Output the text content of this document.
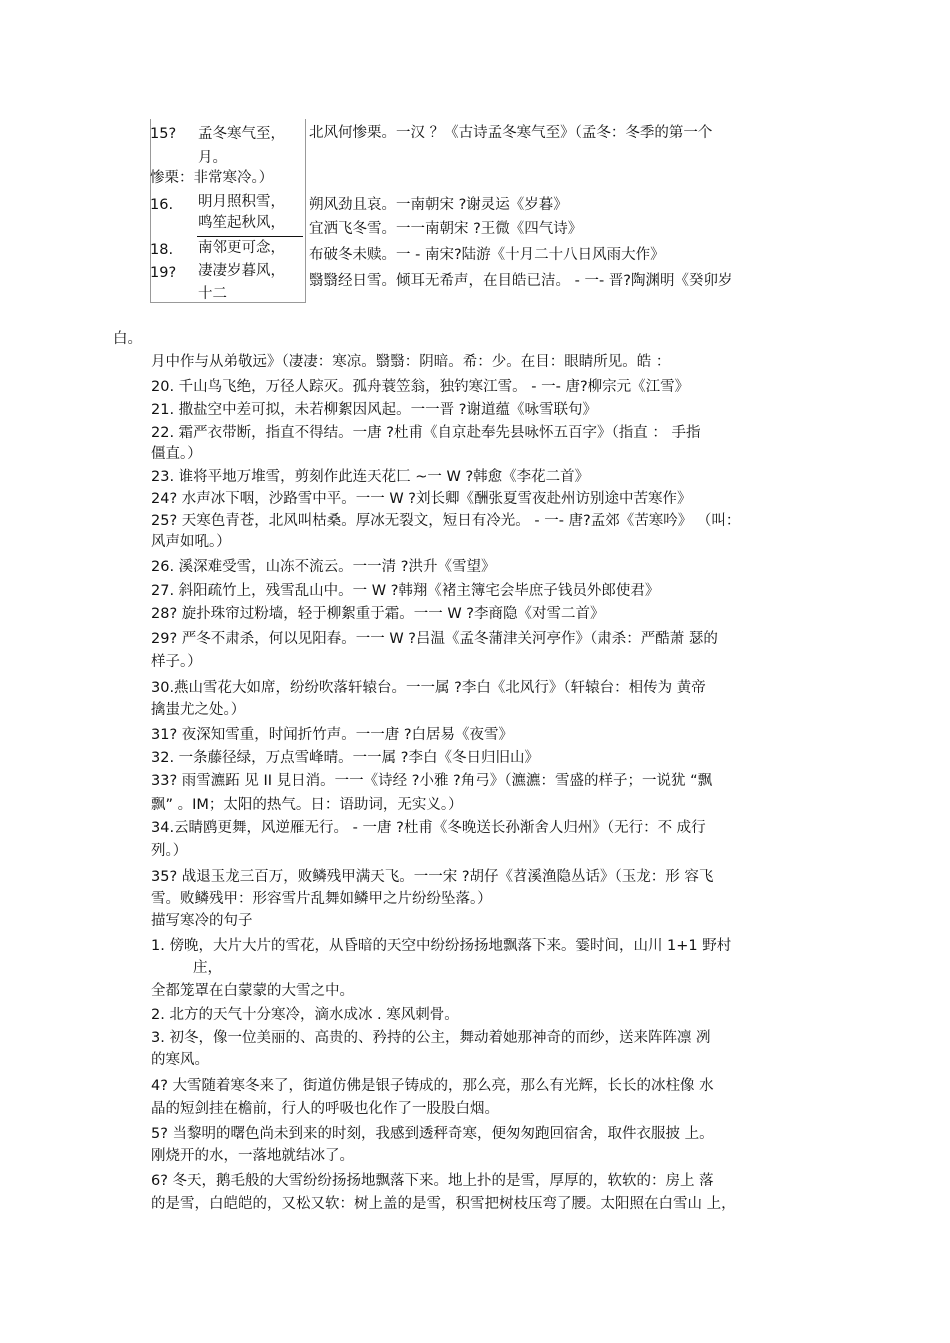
15? 孟冬寒气至，
月。
惨栗：非常寒冷。）
16. 明月照积雪，
鸣笙起秋风，
18. 南邻更可念，
19? 凄凄岁暮风，
十二
北风何惨栗。一汉 ？《古诗孟冬寒气至》（孟冬：冬季的第一个
朔风劲且哀。一南朝宋 ?谢灵运《岁暮》
宜洒飞冬雪。一一南朝宋 ?王微《四气诗》
布破冬未赎。一 - 南宋?陆游《十月二十八日风雨大作》
翳翳经日雪。倾耳无希声，在目皓已洁。 - 一- 晋?陶渊明《癸卯岁
白。
月中作与从弟敬远》（凄凄：寒凉。翳翳：阴暗。希：少。在目：眼睛所见。皓 ：
20. 千山鸟飞绝，万径人踪灭。孤舟蓑笠翁，独钓寒江雪。 - 一- 唐?柳宗元《江雪》
21. 撒盐空中差可拟，未若柳絮因风起。一一晋 ?谢道蕴《咏雪联句》
22. 霜严衣带断，指直不得结。一唐 ?杜甫《自京赴奉先县咏怀五百字》（指直 ： 手指
僵直。）
23. 谁将平地万堆雪，剪刻作此连天花匚 ~一 W ?韩愈《李花二首》
24? 水声冰下咽，沙路雪中平。一一 W ?刘长卿《酬张夏雪夜赴州访别途中苦寒作》
25? 天寒色青苍，北风叫枯桑。厚冰无裂文，短日有冷光。 - 一- 唐?孟郊《苦寒吟》 （叫：
风声如吼。）
26. 溪深难受雪，山冻不流云。一一清 ?洪升《雪望》
27. 斜阳疏竹上，残雪乱山中。一 W ?韩翔《褚主簿宅会毕庶子钱员外郎使君》
28? 旋扑珠帘过粉墙，轻于柳絮重于霜。一一 W ?李商隐《对雪二首》
29? 严冬不肃杀，何以见阳春。一一 W ?吕温《孟冬蒲津关河亭作》（肃杀：严酷萧 瑟的
样子。）
30.燕山雪花大如席，纷纷吹落轩辕台。一一属 ?李白《北风行》（轩辕台：相传为 黄帝
擒蚩尤之处。）
31? 夜深知雪重，时闻折竹声。一一唐 ?白居易《夜雪》
32. 一条藤径绿，万点雪峰晴。一一属 ?李白《冬日归旧山》
33? 雨雪瀌跖 见 II 見日消。一一《诗经 ?小雅 ?角弓》（瀌瀌：雪盛的样子；一说犹 “飘
飘” 。IM；太阳的热气。日：语助词，无实义。）
34.云睛鸥更舞，风逆雁无行。 - 一唐 ?杜甫《冬晚送长孙渐舍人归州》（无行：不 成行
列。）
35? 战退玉龙三百万，败鳞残甲满天飞。一一宋 ?胡仔《苕溪渔隐丛话》（玉龙：形 容飞
雪。败鳞残甲：形容雪片乱舞如鳞甲之片纷纷坠落。）
描写寒冷的句子
1. 傍晚，大片大片的雪花，从昏暗的天空中纷纷扬扬地飘落下来。霎时间，山川 1+1 野村
庄，
全都笼罩在白蒙蒙的大雪之中。
2. 北方的天气十分寒冷，滴水成冰 . 寒风刺骨。
3. 初冬，像一位美丽的、高贵的、矜持的公主，舞动着她那神奇的而纱，送来阵阵凛 冽
的寒风。
4? 大雪随着寒冬来了，街道仿佛是银子铸成的，那么亮，那么有光辉，长长的冰柱像 水
晶的短剑挂在檐前，行人的呼吸也化作了一股股白烟。
5? 当黎明的曙色尚未到来的时刻，我感到透秤奇寒，便匆匆跑回宿舍，取件衣服披 上。
刚烧开的水，一落地就结冰了。
6? 冬天，鹅毛般的大雪纷纷扬扬地飘落下来。地上扑的是雪，厚厚的，软软的：房上 落
的是雪，白皑皑的，又松又软：树上盖的是雪，积雪把树枝压弯了腰。太阳照在白雪山 上，
